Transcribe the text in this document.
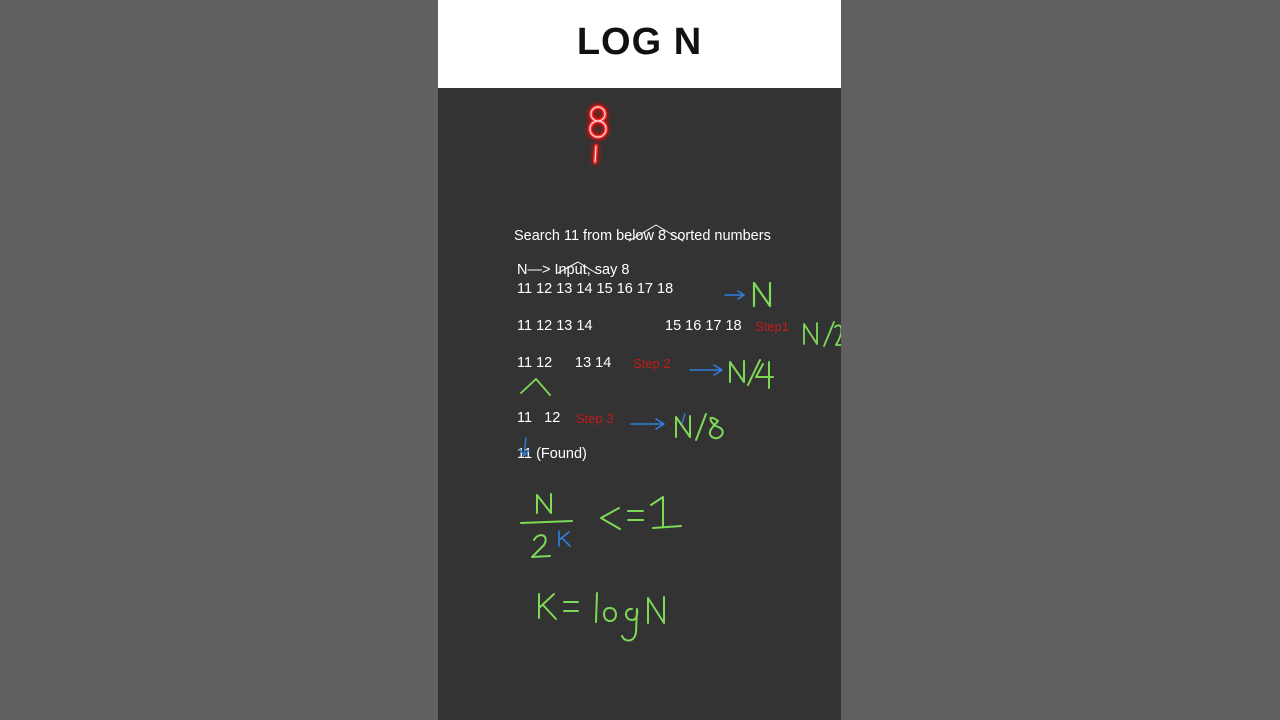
LOG N
Search 11 from below 8 sorted numbers
N—> Input, say 8
11 12 13 14 15 16 17 18
11 12 13 14	15 16 17 18 Step1
11 12 13 14 Step 2
11   12 Step 3
11 (Found)
